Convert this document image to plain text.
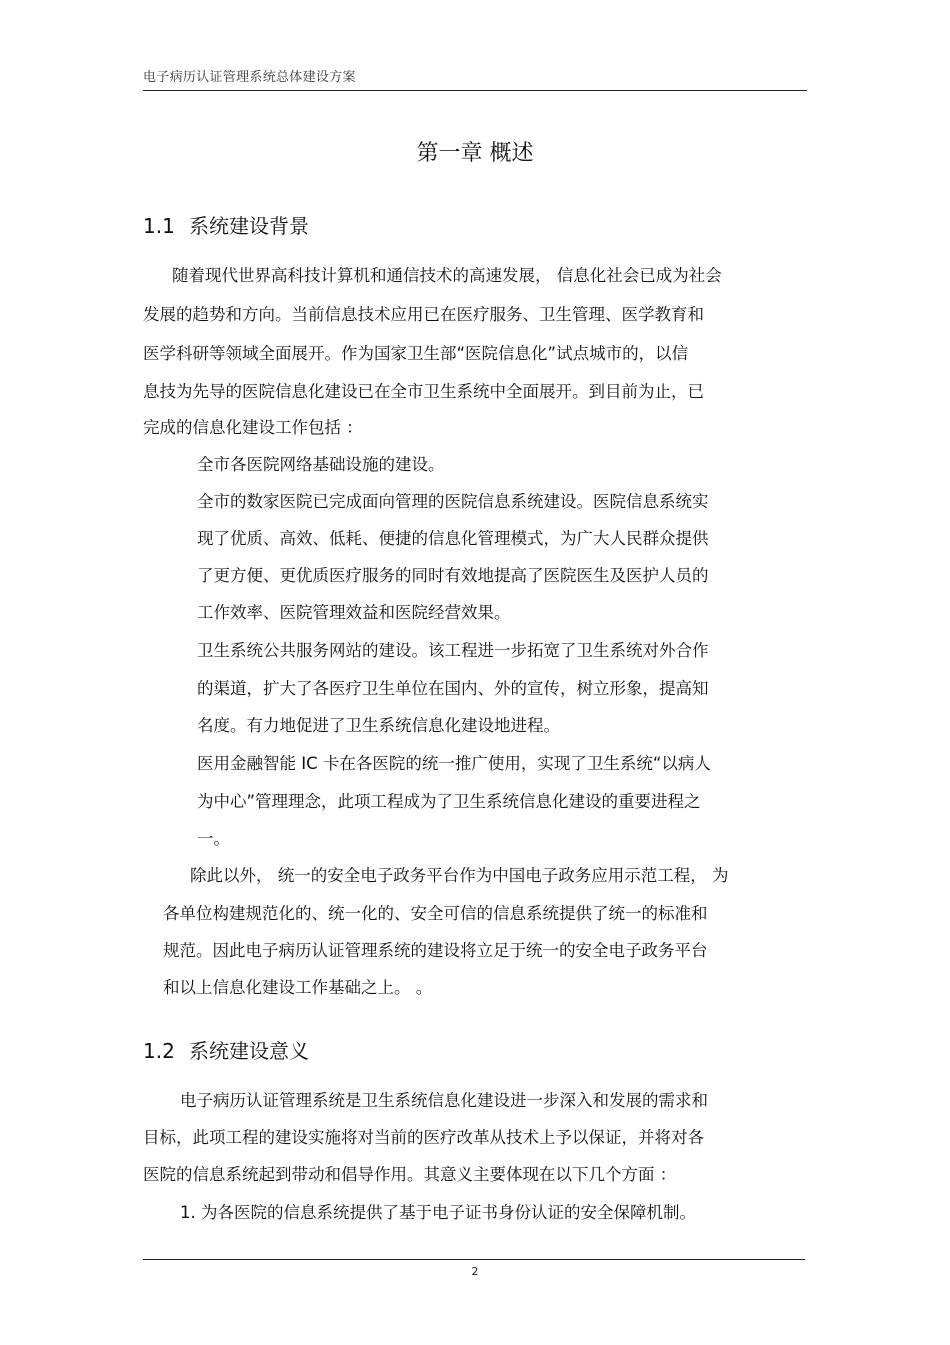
电子病历认证管理系统总体建设方案
第一章 概述
1.1 系统建设背景
随着现代世界高科技计算机和通信技术的高速发展， 信息化社会已成为社会
发展的趋势和方向。当前信息技术应用已在医疗服务、卫生管理、医学教育和
医学科研等领域全面展开。作为国家卫生部“医院信息化”试点城市的，以信
息技为先导的医院信息化建设已在全市卫生系统中全面展开。到目前为止，已
完成的信息化建设工作包括 ：
全市各医院网络基础设施的建设。
全市的数家医院已完成面向管理的医院信息系统建设。医院信息系统实
现了优质、高效、低耗、便捷的信息化管理模式，为广大人民群众提供
了更方便、更优质医疗服务的同时有效地提高了医院医生及医护人员的
工作效率、医院管理效益和医院经营效果。
卫生系统公共服务网站的建设。该工程进一步拓宽了卫生系统对外合作
的渠道，扩大了各医疗卫生单位在国内、外的宣传，树立形象，提高知
名度。有力地促进了卫生系统信息化建设地进程。
医用金融智能 IC 卡在各医院的统一推广使用，实现了卫生系统“以病人
为中心”管理理念，此项工程成为了卫生系统信息化建设的重要进程之
一。
除此以外， 统一的安全电子政务平台作为中国电子政务应用示范工程， 为
各单位构建规范化的、统一化的、安全可信的信息系统提供了统一的标准和
规范。因此电子病历认证管理系统的建设将立足于统一的安全电子政务平台
和以上信息化建设工作基础之上。 。
1.2 系统建设意义
电子病历认证管理系统是卫生系统信息化建设进一步深入和发展的需求和
目标，此项工程的建设实施将对当前的医疗改革从技术上予以保证，并将对各
医院的信息系统起到带动和倡导作用。其意义主要体现在以下几个方面 ：
1. 为各医院的信息系统提供了基于电子证书身份认证的安全保障机制。
2
